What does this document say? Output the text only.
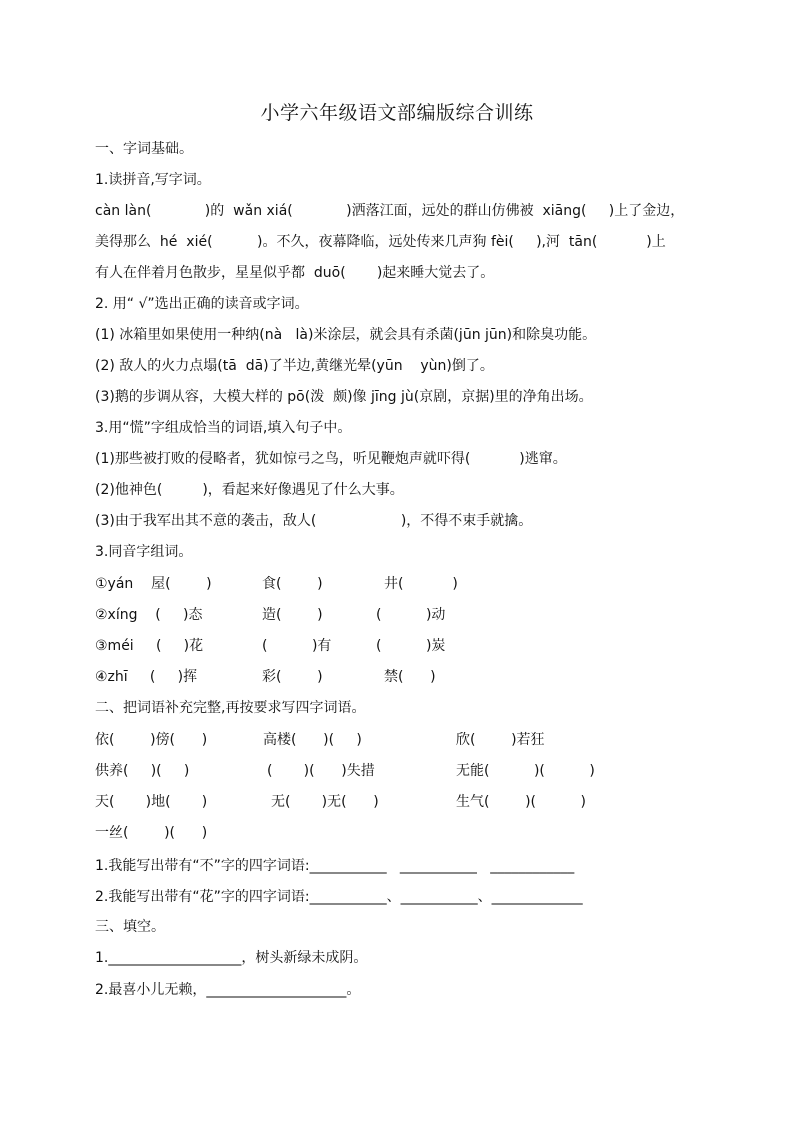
小学六年级语文部编版综合训练
一、字词基础。
1.读拼音,写字词。
càn làn(            )的  wǎn xiá(            )洒落江面，远处的群山仿佛被  xiāng(     )上了金边，
美得那么  hé  xié(          )。不久，夜幕降临，远处传来几声狗 fèi(     ),河  tān(           )上
有人在伴着月色散步，星星似乎都  duō(       )起来睡大觉去了。
2. 用“ √”选出正确的读音或字词。
(1) 冰箱里如果使用一种纳(nà   là)米涂层，就会具有杀菌(jūn jūn)和除臭功能。
(2) 敌人的火力点塌(tā  dā)了半边,黄继光晕(yūn    yùn)倒了。
(3)鹅的步调从容，大模大样的 pō(泼  颇)像 jīng jù(京剧，京据)里的净角出场。
3.用“慌”字组成恰当的词语,填入句子中。
(1)那些被打败的侵略者，犹如惊弓之鸟，听见鞭炮声就吓得(           )逃窜。
(2)他神色(         )，看起来好像遇见了什么大事。
(3)由于我军出其不意的袭击，敌人(                   )，不得不束手就擒。
3.同音字组词。
①yán    屋(        )	食(        )	井(           )
②xíng    (     )态	造(        )	(          )动
③méi     (     )花	(          )有	(          )炭
④zhī     (     )挥	彩(        )	禁(      )
二、把词语补充完整,再按要求写四字词语。
依(        )傍(      )	高楼(      )(     )	欣(        )若狂
供养(     )(     )	(       )(      )失措	无能(          )(          )
天(       )地(       )	无(       )无(      )	生气(        )(          )
一丝(        )(      )
1.我能写出带有“不”字的四字词语:___________   ___________   ____________
2.我能写出带有“花”字的四字词语:___________、___________、_____________
三、填空。
1.___________________，树头新绿未成阴。
2.最喜小儿无赖，____________________。
